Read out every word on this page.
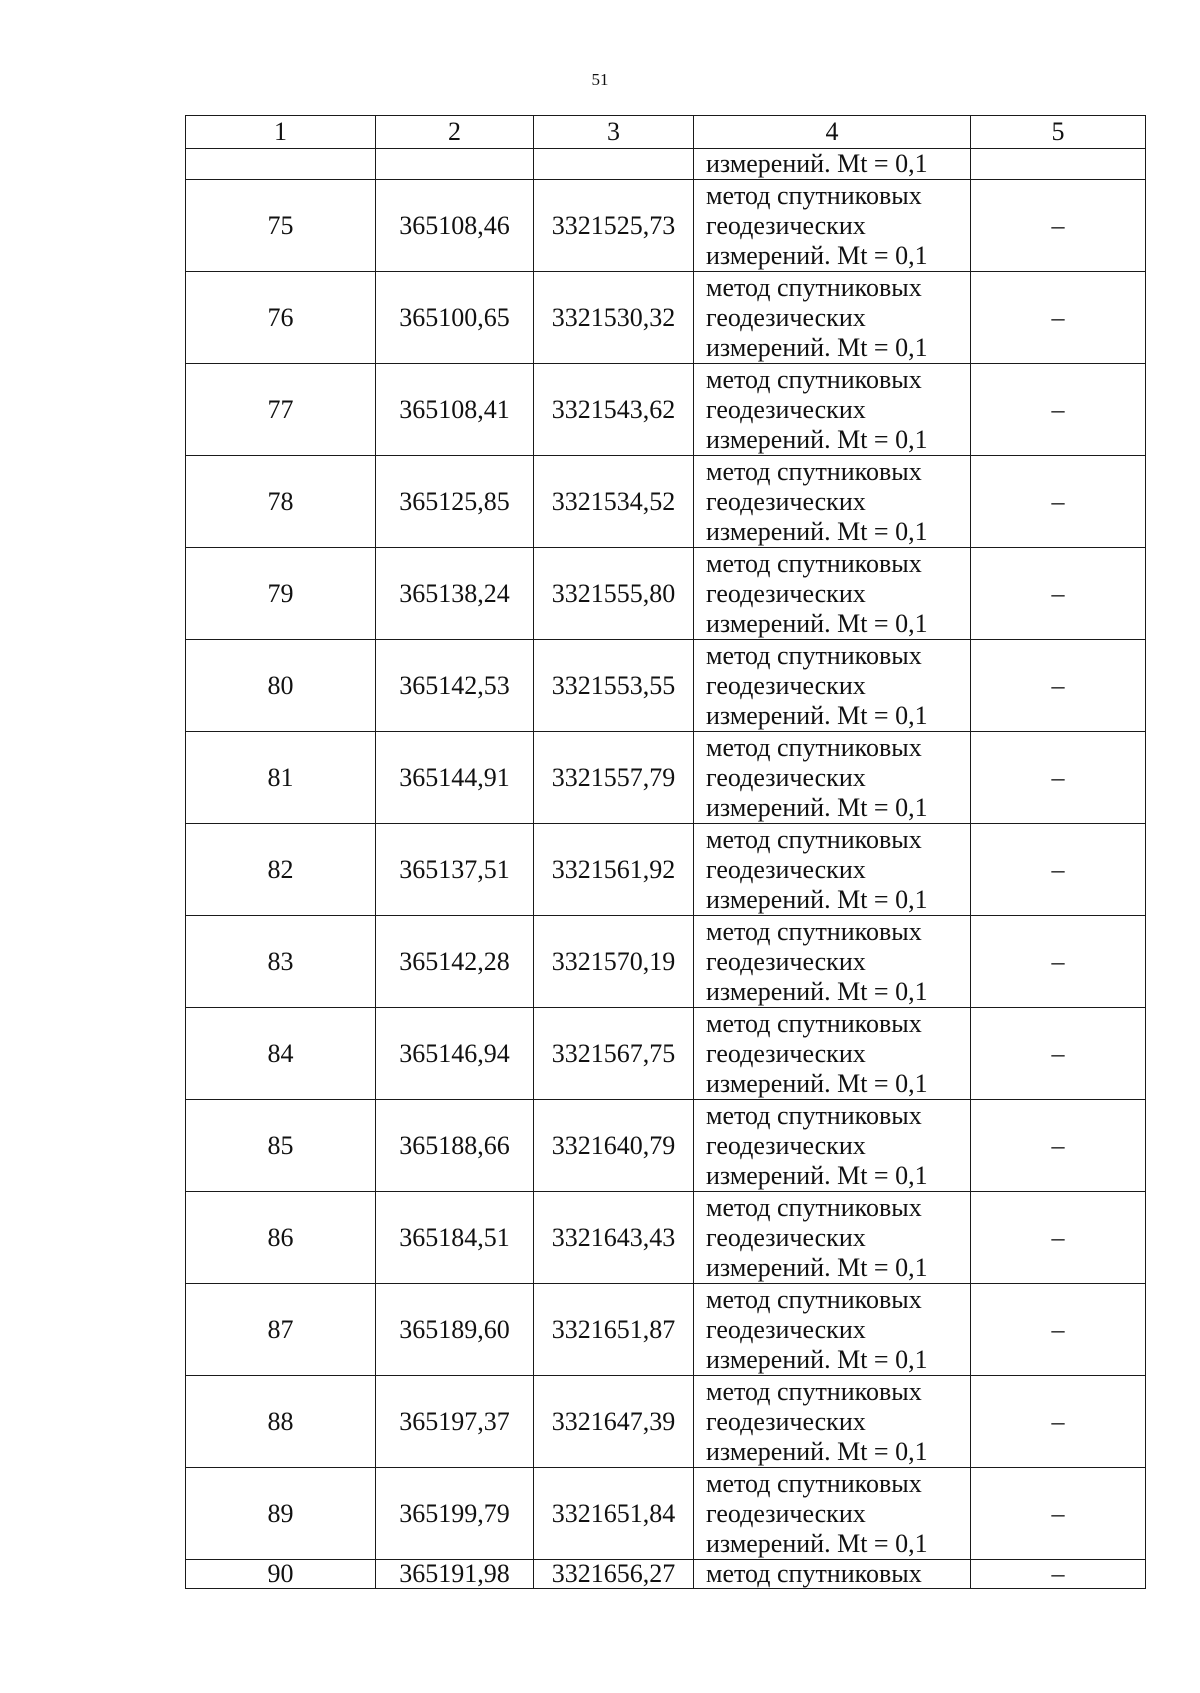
51
1	2	3	4	5
			измерений. Mt = 0,1	
75	365108,46	3321525,73	метод спутниковых
геодезических
измерений. Mt = 0,1	–
76	365100,65	3321530,32	метод спутниковых
геодезических
измерений. Mt = 0,1	–
77	365108,41	3321543,62	метод спутниковых
геодезических
измерений. Mt = 0,1	–
78	365125,85	3321534,52	метод спутниковых
геодезических
измерений. Mt = 0,1	–
79	365138,24	3321555,80	метод спутниковых
геодезических
измерений. Mt = 0,1	–
80	365142,53	3321553,55	метод спутниковых
геодезических
измерений. Mt = 0,1	–
81	365144,91	3321557,79	метод спутниковых
геодезических
измерений. Mt = 0,1	–
82	365137,51	3321561,92	метод спутниковых
геодезических
измерений. Mt = 0,1	–
83	365142,28	3321570,19	метод спутниковых
геодезических
измерений. Mt = 0,1	–
84	365146,94	3321567,75	метод спутниковых
геодезических
измерений. Mt = 0,1	–
85	365188,66	3321640,79	метод спутниковых
геодезических
измерений. Mt = 0,1	–
86	365184,51	3321643,43	метод спутниковых
геодезических
измерений. Mt = 0,1	–
87	365189,60	3321651,87	метод спутниковых
геодезических
измерений. Mt = 0,1	–
88	365197,37	3321647,39	метод спутниковых
геодезических
измерений. Mt = 0,1	–
89	365199,79	3321651,84	метод спутниковых
геодезических
измерений. Mt = 0,1	–
90	365191,98	3321656,27	метод спутниковых	–
